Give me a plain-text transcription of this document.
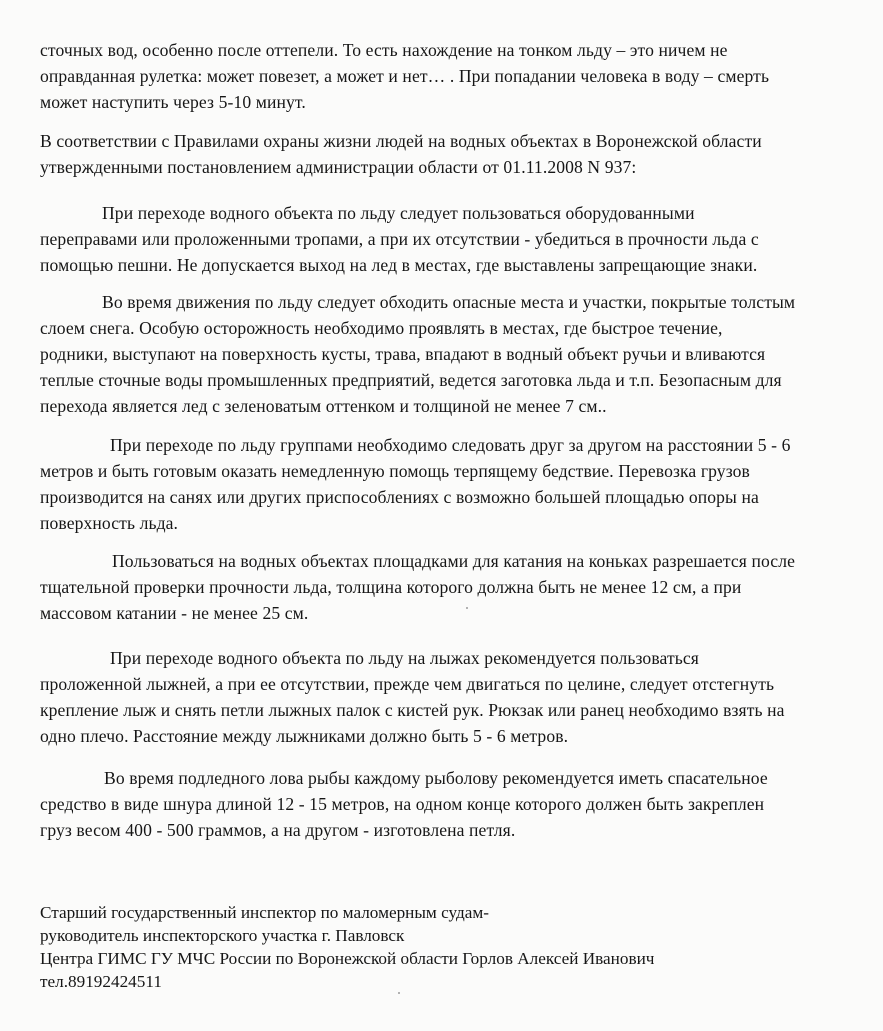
сточных вод, особенно после оттепели. То есть нахождение на тонком льду – это ничем не
оправданная рулетка: может повезет, а может и нет… . При попадании человека в воду – смерть
может наступить через 5-10 минут.

В соответствии с Правилами охраны жизни людей на водных объектах в Воронежской области
утвержденными постановлением администрации области от 01.11.2008 N 937:

При переходе водного объекта по льду следует пользоваться оборудованными
переправами или проложенными тропами, а при их отсутствии - убедиться в прочности льда с
помощью пешни. Не допускается выход на лед в местах, где выставлены запрещающие знаки.

Во время движения по льду следует обходить опасные места и участки, покрытые толстым
слоем снега. Особую осторожность необходимо проявлять в местах, где быстрое течение,
родники, выступают на поверхность кусты, трава, впадают в водный объект ручьи и вливаются
теплые сточные воды промышленных предприятий, ведется заготовка льда и т.п. Безопасным для
перехода является лед с зеленоватым оттенком и толщиной не менее 7 см..

При переходе по льду группами необходимо следовать друг за другом на расстоянии 5 - 6
метров и быть готовым оказать немедленную помощь терпящему бедствие. Перевозка грузов
производится на санях или других приспособлениях с возможно большей площадью опоры на
поверхность льда.

Пользоваться на водных объектах площадками для катания на коньках разрешается после
тщательной проверки прочности льда, толщина которого должна быть не менее 12 см, а при
массовом катании - не менее 25 см.

При переходе водного объекта по льду на лыжах рекомендуется пользоваться
проложенной лыжней, а при ее отсутствии, прежде чем двигаться по целине, следует отстегнуть
крепление лыж и снять петли лыжных палок с кистей рук. Рюкзак или ранец необходимо взять на
одно плечо. Расстояние между лыжниками должно быть 5 - 6 метров.

Во время подледного лова рыбы каждому рыболову рекомендуется иметь спасательное
средство в виде шнура длиной 12 - 15 метров, на одном конце которого должен быть закреплен
груз весом 400 - 500 граммов, а на другом - изготовлена петля.

Старший государственный инспектор по маломерным судам-
руководитель инспекторского участка г. Павловск
Центра ГИМС ГУ МЧС России по Воронежской области Горлов Алексей Иванович
тел.89192424511
